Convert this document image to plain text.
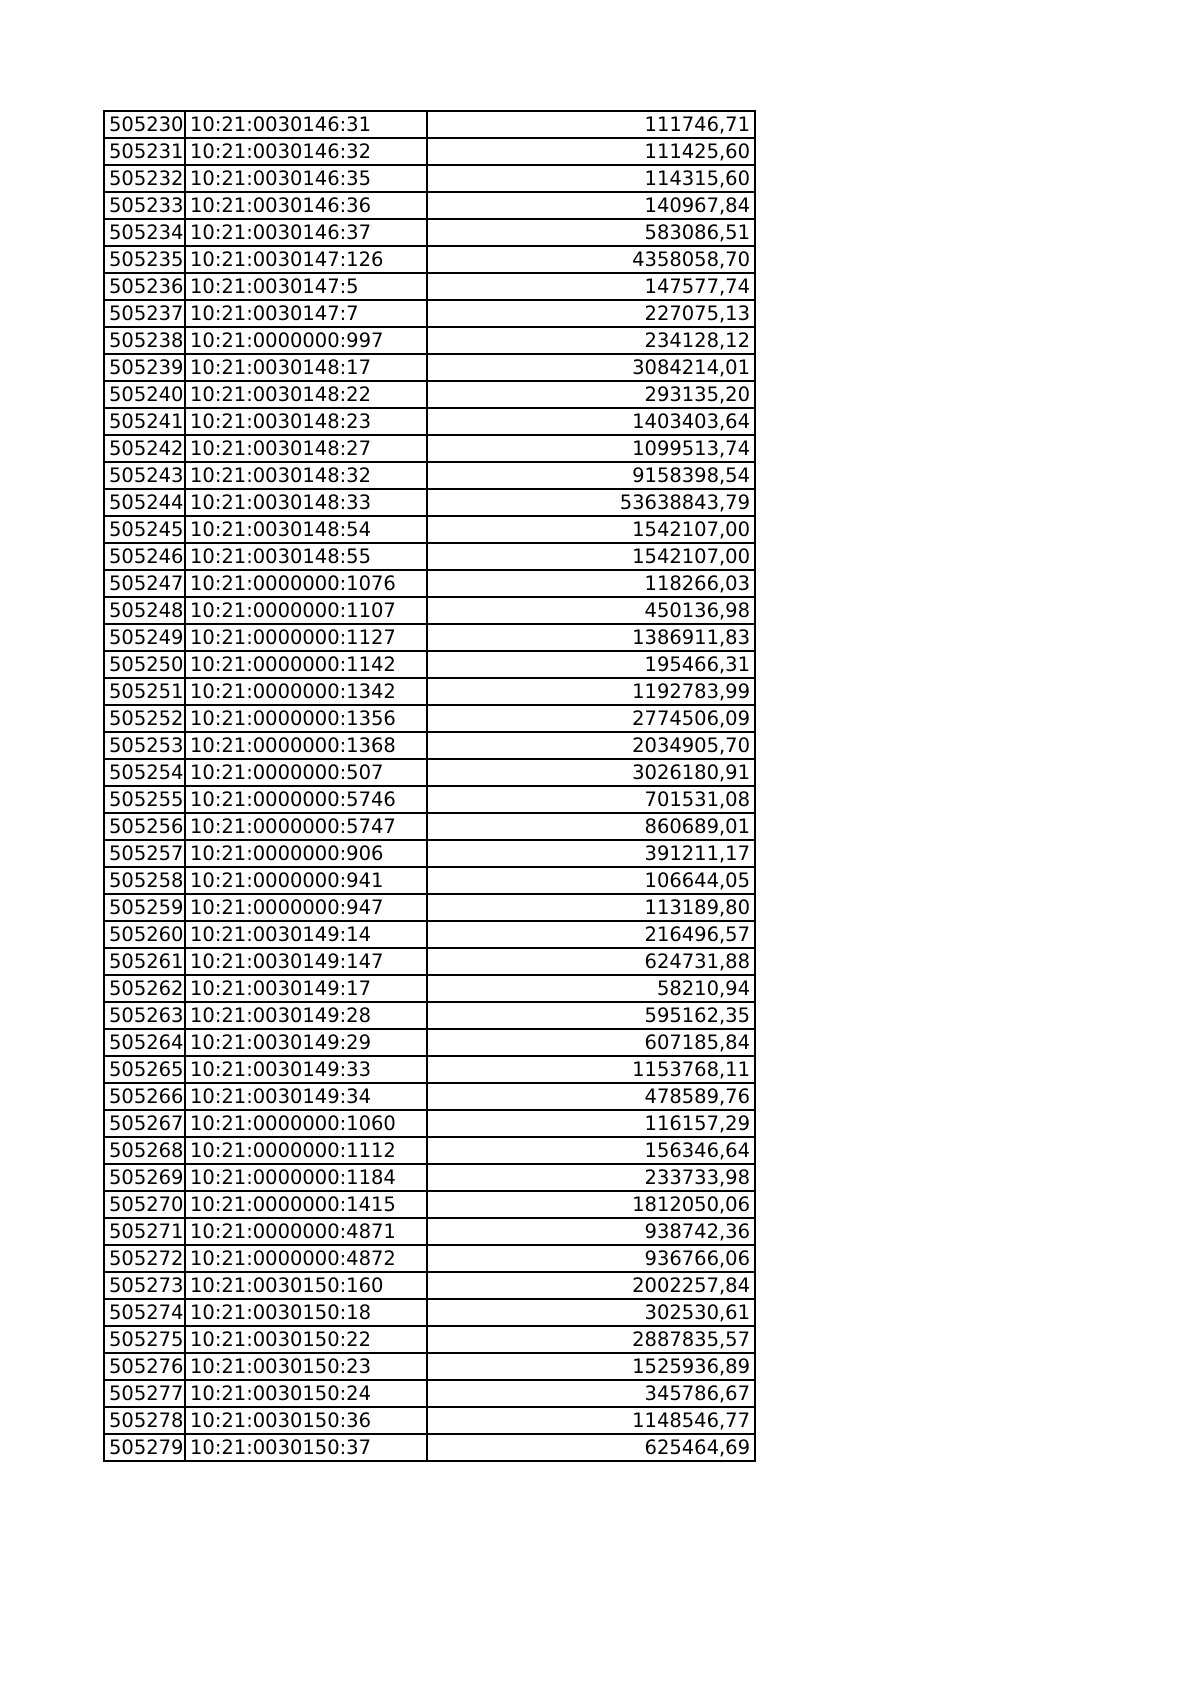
505230	10:21:0030146:31	111746,71
505231	10:21:0030146:32	111425,60
505232	10:21:0030146:35	114315,60
505233	10:21:0030146:36	140967,84
505234	10:21:0030146:37	583086,51
505235	10:21:0030147:126	4358058,70
505236	10:21:0030147:5	147577,74
505237	10:21:0030147:7	227075,13
505238	10:21:0000000:997	234128,12
505239	10:21:0030148:17	3084214,01
505240	10:21:0030148:22	293135,20
505241	10:21:0030148:23	1403403,64
505242	10:21:0030148:27	1099513,74
505243	10:21:0030148:32	9158398,54
505244	10:21:0030148:33	53638843,79
505245	10:21:0030148:54	1542107,00
505246	10:21:0030148:55	1542107,00
505247	10:21:0000000:1076	118266,03
505248	10:21:0000000:1107	450136,98
505249	10:21:0000000:1127	1386911,83
505250	10:21:0000000:1142	195466,31
505251	10:21:0000000:1342	1192783,99
505252	10:21:0000000:1356	2774506,09
505253	10:21:0000000:1368	2034905,70
505254	10:21:0000000:507	3026180,91
505255	10:21:0000000:5746	701531,08
505256	10:21:0000000:5747	860689,01
505257	10:21:0000000:906	391211,17
505258	10:21:0000000:941	106644,05
505259	10:21:0000000:947	113189,80
505260	10:21:0030149:14	216496,57
505261	10:21:0030149:147	624731,88
505262	10:21:0030149:17	58210,94
505263	10:21:0030149:28	595162,35
505264	10:21:0030149:29	607185,84
505265	10:21:0030149:33	1153768,11
505266	10:21:0030149:34	478589,76
505267	10:21:0000000:1060	116157,29
505268	10:21:0000000:1112	156346,64
505269	10:21:0000000:1184	233733,98
505270	10:21:0000000:1415	1812050,06
505271	10:21:0000000:4871	938742,36
505272	10:21:0000000:4872	936766,06
505273	10:21:0030150:160	2002257,84
505274	10:21:0030150:18	302530,61
505275	10:21:0030150:22	2887835,57
505276	10:21:0030150:23	1525936,89
505277	10:21:0030150:24	345786,67
505278	10:21:0030150:36	1148546,77
505279	10:21:0030150:37	625464,69
